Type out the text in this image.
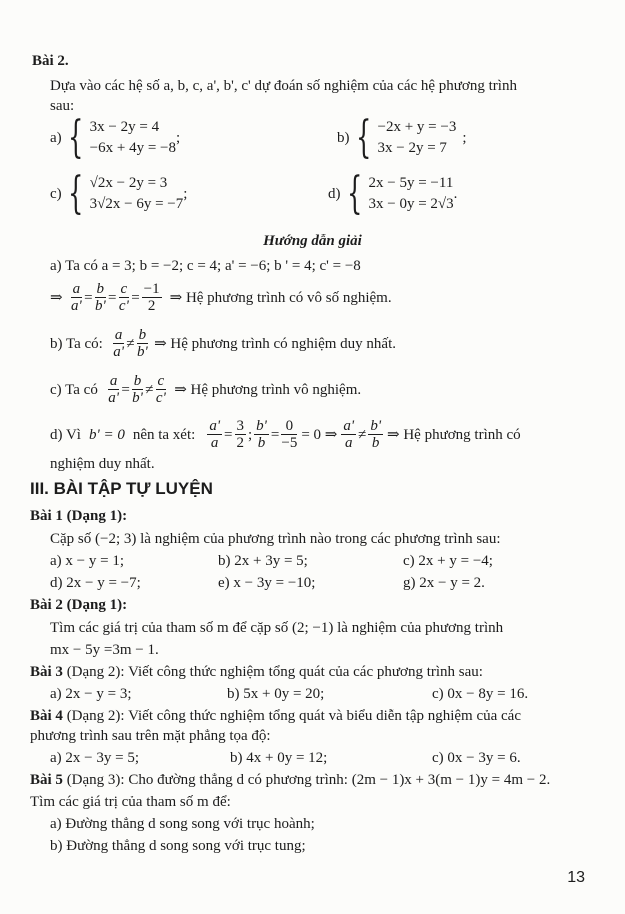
Bài 2.
Dựa vào các hệ số a, b, c, a', b', c' dự đoán số nghiệm của các hệ phương trình
sau:
a) { 3x − 2y = 4
−6x + 4y = −8
;	b) { −2x + y = −3
3x − 2y = 7
;
c) { √2x − 2y = 3
3√2x − 6y = −7
;	d) { 2x − 5y = −11
3x − 0y = 2√3
.
Hướng dẫn giải
a) Ta có a = 3; b = −2; c = 4; a' = −6; b ' = 4; c' = −8
⇒ $\frac{a}{a'} = \frac{b}{b'} = \frac{c}{c'} = \frac{-1}{2}$ ⇒ Hệ phương trình có vô số nghiệm.
b) Ta có: $\frac{a}{a'} \ne \frac{b}{b'}$ ⇒ Hệ phương trình có nghiệm duy nhất.
c) Ta có $\frac{a}{a'} = \frac{b}{b'} \ne \frac{c}{c'}$ ⇒ Hệ phương trình vô nghiệm.
d) Vì b' = 0 nên ta xét: $\frac{a'}{a} = \frac{3}{2}$ ; $\frac{b'}{b} = \frac{0}{-5} = 0$ ⇒ $\frac{a'}{a} \ne \frac{b'}{b}$ ⇒ Hệ phương trình có
nghiệm duy nhất.
III. BÀI TẬP TỰ LUYỆN
Bài 1 (Dạng 1):
Cặp số (−2; 3) là nghiệm của phương trình nào trong các phương trình sau:
a) x − y = 1;	b) 2x + 3y = 5;	c) 2x + y = −4;
d) 2x − y = −7;	e) x − 3y = −10;	g) 2x − y = 2.
Bài 2 (Dạng 1):
Tìm các giá trị của tham số m để cặp số (2; −1) là nghiệm của phương trình
mx − 5y =3m − 1.
Bài 3 (Dạng 2): Viết công thức nghiệm tổng quát của các phương trình sau:
a) 2x − y = 3;	b) 5x + 0y = 20;	c) 0x − 8y = 16.
Bài 4 (Dạng 2): Viết công thức nghiệm tổng quát và biểu diễn tập nghiệm của các
phương trình sau trên mặt phẳng tọa độ:
a) 2x − 3y = 5;	b) 4x + 0y = 12;	c) 0x − 3y = 6.
Bài 5 (Dạng 3): Cho đường thẳng d có phương trình: (2m − 1)x + 3(m − 1)y = 4m − 2.
Tìm các giá trị của tham số m để:
a) Đường thẳng d song song với trục hoành;
b) Đường thẳng d song song với trục tung;
13
